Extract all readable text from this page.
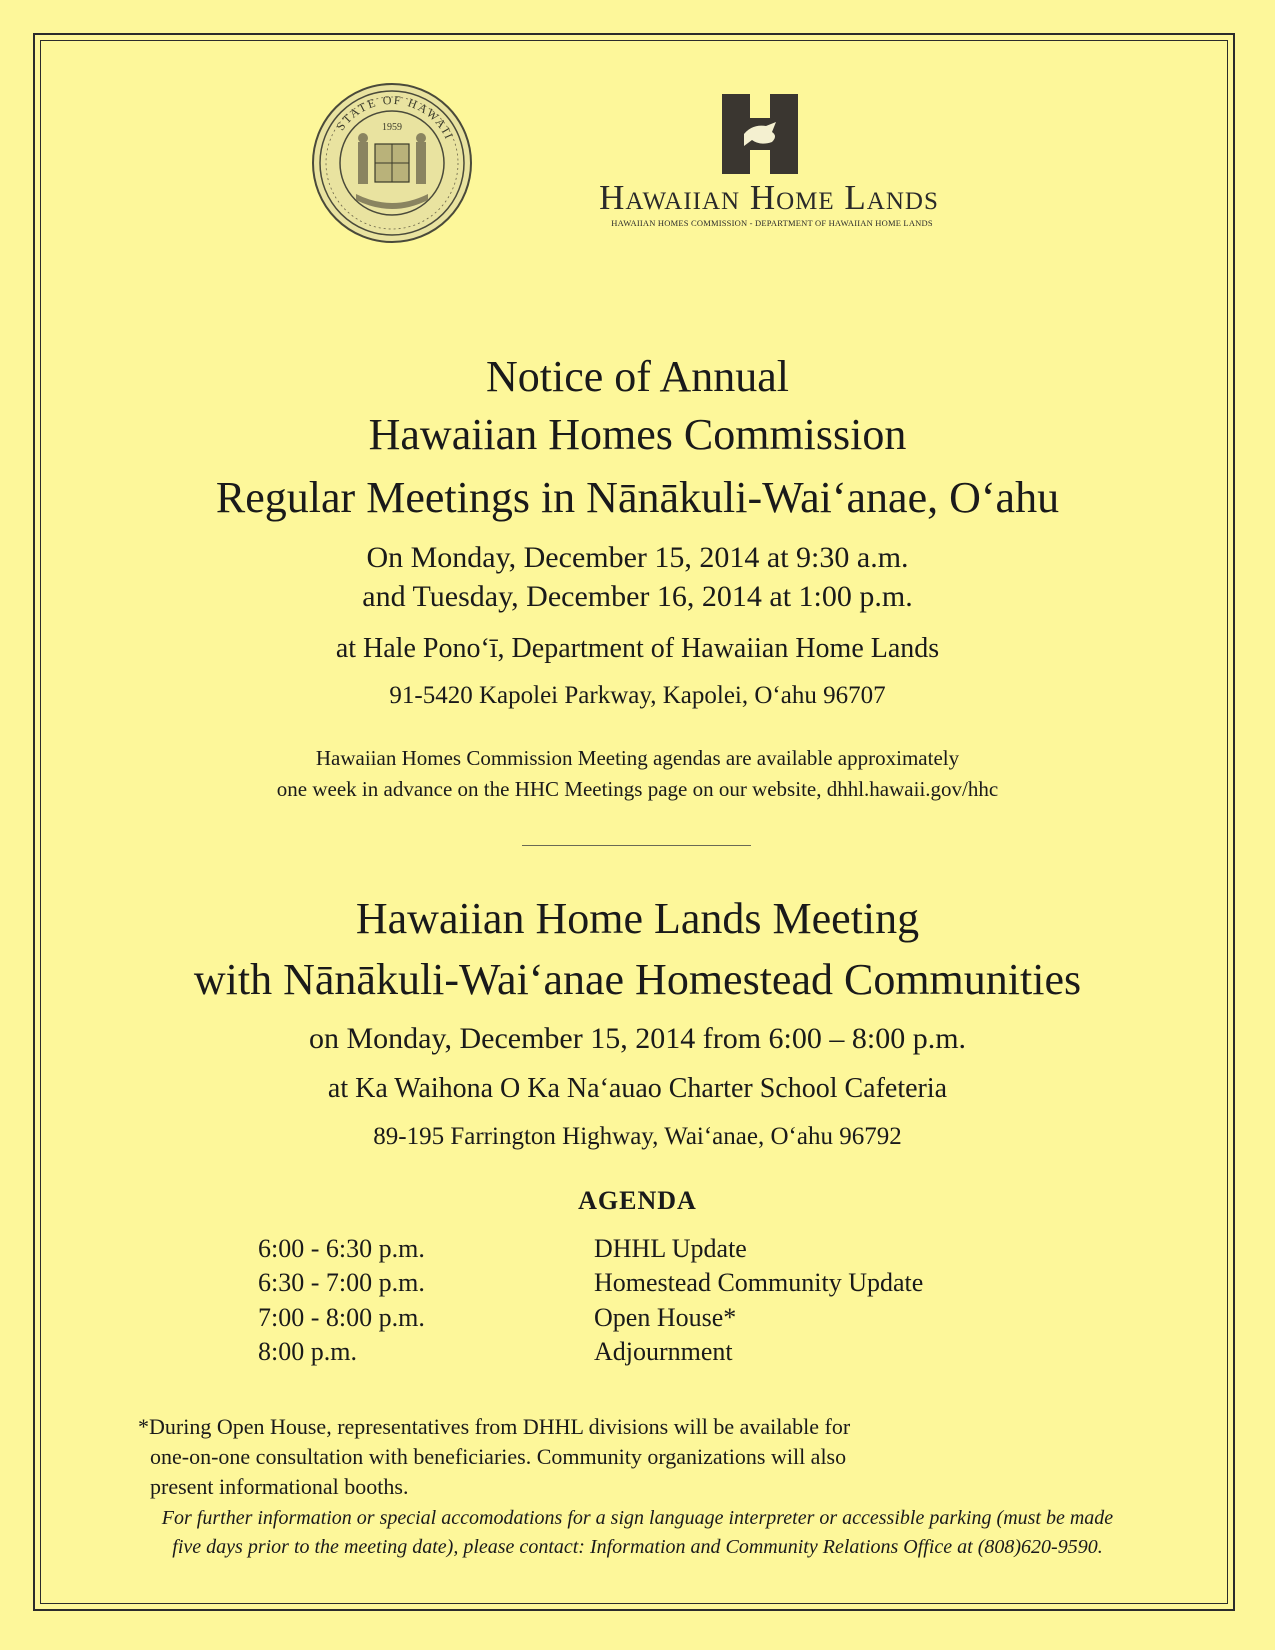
STATE OF HAWAII
1959
Hawaiian Home Lands
HAWAIIAN HOMES COMMISSION - DEPARTMENT OF HAWAIIAN HOME LANDS
Notice of Annual
Hawaiian Homes Commission
Regular Meetings in Nānākuli-Waiʻanae, Oʻahu
On Monday, December 15, 2014 at 9:30 a.m.
and Tuesday, December 16, 2014 at 1:00 p.m.
at Hale Ponoʻī, Department of Hawaiian Home Lands
91-5420 Kapolei Parkway, Kapolei, Oʻahu 96707
Hawaiian Homes Commission Meeting agendas are available approximately
one week in advance on the HHC Meetings page on our website, dhhl.hawaii.gov/hhc
Hawaiian Home Lands Meeting
with Nānākuli-Waiʻanae Homestead Communities
on Monday, December 15, 2014 from 6:00 – 8:00 p.m.
at Ka Waihona O Ka Naʻauao Charter School Cafeteria
89-195 Farrington Highway, Waiʻanae, Oʻahu 96792
AGENDA
6:00 - 6:30 p.m.	DHHL Update
6:30 - 7:00 p.m.	Homestead Community Update
7:00 - 8:00 p.m.	Open House*
8:00 p.m.	Adjournment
*During Open House, representatives from DHHL divisions will be available for
one-on-one consultation with beneficiaries. Community organizations will also
present informational booths.
For further information or special accomodations for a sign language interpreter or accessible parking (must be made
five days prior to the meeting date), please contact: Information and Community Relations Office at (808)620-9590.
